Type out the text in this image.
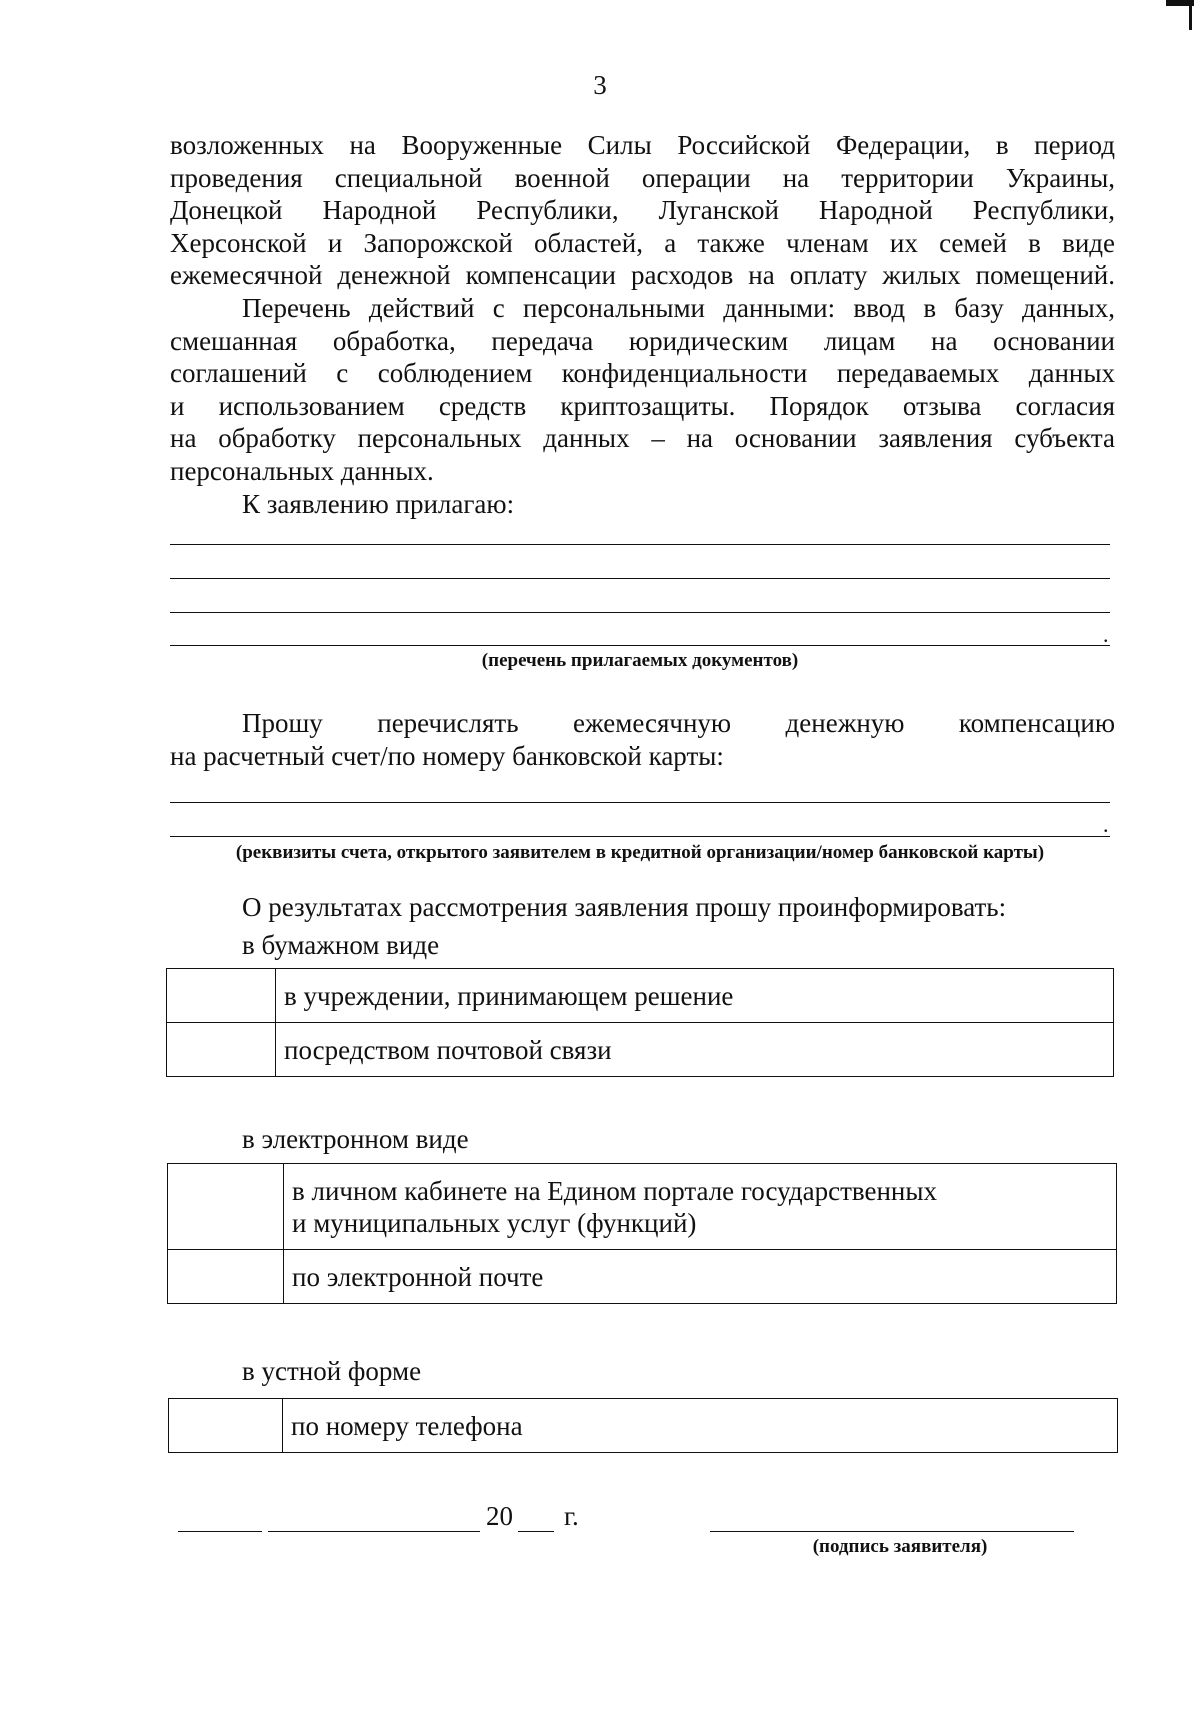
3
возложенных на Вооруженные Силы Российской Федерации, в период
проведения специальной военной операции на территории Украины,
Донецкой Народной Республики, Луганской Народной Республики,
Херсонской и Запорожской областей, а также членам их семей в виде
ежемесячной денежной компенсации расходов на оплату жилых помещений.
Перечень действий с персональными данными: ввод в базу данных,
смешанная обработка, передача юридическим лицам на основании
соглашений с соблюдением конфиденциальности передаваемых данных
и использованием средств криптозащиты. Порядок отзыва согласия
на обработку персональных данных – на основании заявления субъекта
персональных данных.
К заявлению прилагаю:
.
(перечень прилагаемых документов)
Прошу перечислять ежемесячную денежную компенсацию
на расчетный счет/по номеру банковской карты:
.
(реквизиты счета, открытого заявителем в кредитной организации/номер банковской карты)
О результатах рассмотрения заявления прошу проинформировать:
в бумажном виде
	в учреждении, принимающем решение
	посредством почтовой связи
в электронном виде
	в личном кабинете на Едином портале государственных
и муниципальных услуг (функций)
	по электронной почте
в устной форме
	по номеру телефона
20 г.
(подпись заявителя)
